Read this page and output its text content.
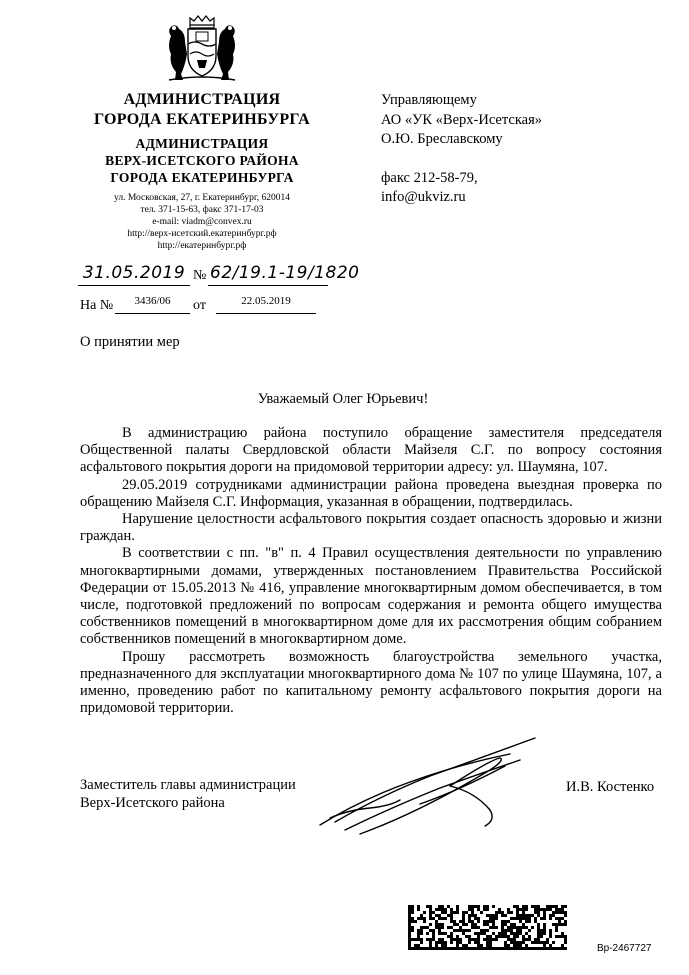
АДМИНИСТРАЦИЯ
ГОРОДА ЕКАТЕРИНБУРГА
АДМИНИСТРАЦИЯ
ВЕРХ-ИСЕТСКОГО РАЙОНА
ГОРОДА ЕКАТЕРИНБУРГА
ул. Московская, 27, г. Екатеринбург, 620014
тел. 371-15-63, факс 371-17-03
e-mail: viadm@convex.ru
http://верх-исетский.екатеринбург.рф
http://екатеринбург.рф
Управляющему
АО «УК «Верх-Исетская»
О.Ю. Бреславскому
факс 212-58-79,
info@ukviz.ru
31.05.2019 № 62/19.1-19/1820
На №	3436/06	от	22.05.2019
О принятии мер
Уважаемый Олег Юрьевич!

В администрацию района поступило обращение заместителя председателя Общественной палаты Свердловской области Майзеля С.Г. по вопросу состояния асфальтового покрытия дороги на придомовой территории адресу: ул. Шаумяна, 107.

29.05.2019 сотрудниками администрации района проведена выездная проверка по обращению Майзеля С.Г. Информация, указанная в обращении, подтвердилась.

Нарушение целостности асфальтового покрытия создает опасность здоровью и жизни граждан.

В соответствии с пп. "в" п. 4 Правил осуществления деятельности по управлению многоквартирными домами, утвержденных постановлением Правительства Российской Федерации от 15.05.2013 № 416, управление многоквартирным домом обеспечивается, в том числе, подготовкой предложений по вопросам содержания и ремонта общего имущества собственников помещений в многоквартирном доме для их рассмотрения общим собранием собственников помещений в многоквартирном доме.

Прошу рассмотреть возможность благоустройства земельного участка, предназначенного для эксплуатации многоквартирного дома № 107 по улице Шаумяна, 107, а именно, проведению работ по капитальному ремонту асфальтового покрытия дороги на придомовой территории.

Заместитель главы администрации
Верх-Исетского района
И.В. Костенко
Вр-2467727
